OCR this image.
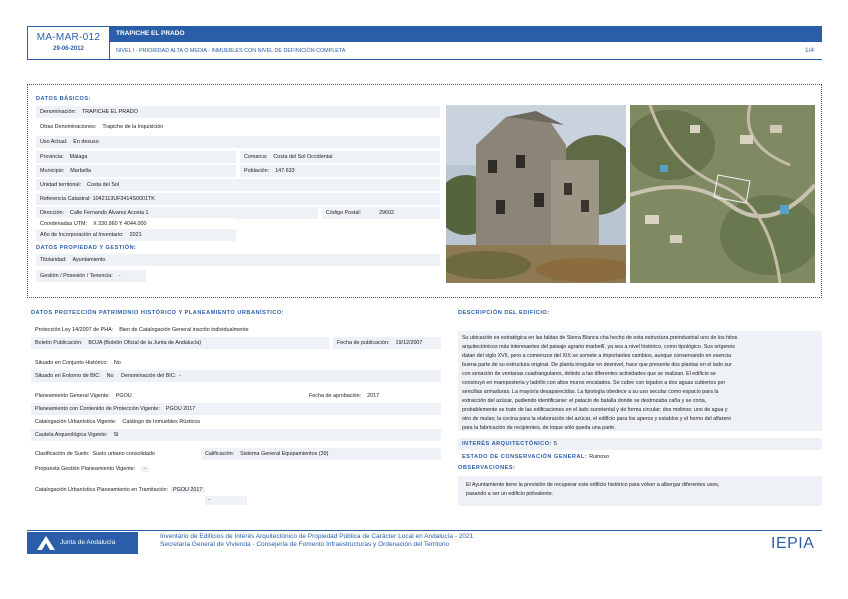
MA-MAR-012
29-06-2012
TRAPICHE EL PRADO
NIVEL I - PRIORIDAD ALTA O MEDIA - INMUEBLES CON NIVEL DE DEFINICIÓN COMPLETA	1/4
DATOS BÁSICOS:
Denominación: TRAPICHE EL PRADO
Otras Denominaciones: Trapiche de la Inquisición
Uso Actual: En desuso
Provincia: Málaga	Comarca: Costa del Sol Occidental
Municipio: Marbella	Población: 147.633
Unidad territorial: Costa del Sol
Referencia Catastral: 1042113UF3414S0001TK
Dirección: Calle Fernando Álvarez Acosta 1	Código Postal:	29602
Coordenadas UTM: X 330.960 Y 4044.000
Año de Incorporación al Inventario: 2021
DATOS PROPIEDAD Y GESTIÓN:
Titularidad: Ayuntamiento
Gestión / Posesión / Tenencia: -
DATOS PROTECCIÓN PATRIMONIO HISTÓRICO Y PLANEAMIENTO URBANÍSTICO:
Protección Ley 14/2007 de PHA: Bien de Catalogación General inscrito individualmente
Boletín Publicación: BOJA (Boletín Oficial de la Junta de Andalucía)	Fecha de publicación: 19/12/2007
Situado en Conjunto Histórico: No
Situado en Entorno de BIC: No Denominación del BIC: -
Planeamiento General Vigente: PGOU	Fecha de aprobación: 2017
Planeamiento con Contenido de Protección Vigente: PGOU 2017
Catalogación Urbanística Vigente: Catálogo de Inmuebles Rústicos
Cautela Arqueológica Vigente: SI
Clasificación de Suelo: Suelo urbano consolidado	Calificación: Sistema General Equipamientos (39)
Propuesta Gestión Planeamiento Vigente: -
Catalogación Urbanística Planeamiento en Tramitación: PGOU 2017
-
DESCRIPCIÓN DEL EDIFICIO:
Su ubicación es estratégica en las faldas de Sierra Blanca cha hecho de esta estructura preindustrial uno de los hitos
arquitectónicos más interesantes del paisaje agrario marbellí, ya sea a nivel histórico, como tipológico. Sus orígenes
datan del siglo XVII, pero a comienzos del XIX se somete a importantes cambios, aunque conservando en esencia
buena parte de su estructura original. De planta irregular en desnivel, hace que presente dos plantas en el lado sur
con seriación de ventanas cuadrangulares, debido a las diferentes actividades que se realizan. El edificio se
construyó en mampostería y ladrillo con altos muros encalados. Se cubre con tejados a dos aguas cubiertos por
sencillas armaduras. La mayoría desaparecidas. La tipología obedece a su uso secular como espacio para la
extracción del azúcar, pudiendo identificarse: el patacio de batalla donde se destrozaba caña y se corta,
probablemente se trate de las edificaciones en el lado suroriental y de forma circular; dos molinos: uno de agua y
otro de mulas; la cocina para la elaboración del azúcar, el edificio para los aperos y establos y el horno del alfarero
para la fabricación de recipientes, de loque sólo queda una parte.
INTERÉS ARQUITECTÓNICO: 5
ESTADO DE CONSERVACIÓN GENERAL: Ruinoso
OBSERVACIONES:
El Ayuntamiento tiene la previsión de recuperar este edificio histórico para volver a albergar diferentes usos,
pasando a ser un edificio polivalente.
Junta de Andalucía
Inventario de Edificios de Interés Arquitectónico de Propiedad Pública de Carácter Local en Andalucía - 2021
Secretaría General de Vivienda · Consejería de Fomento Infraestructuras y Ordenación del Territorio	IEPIA
